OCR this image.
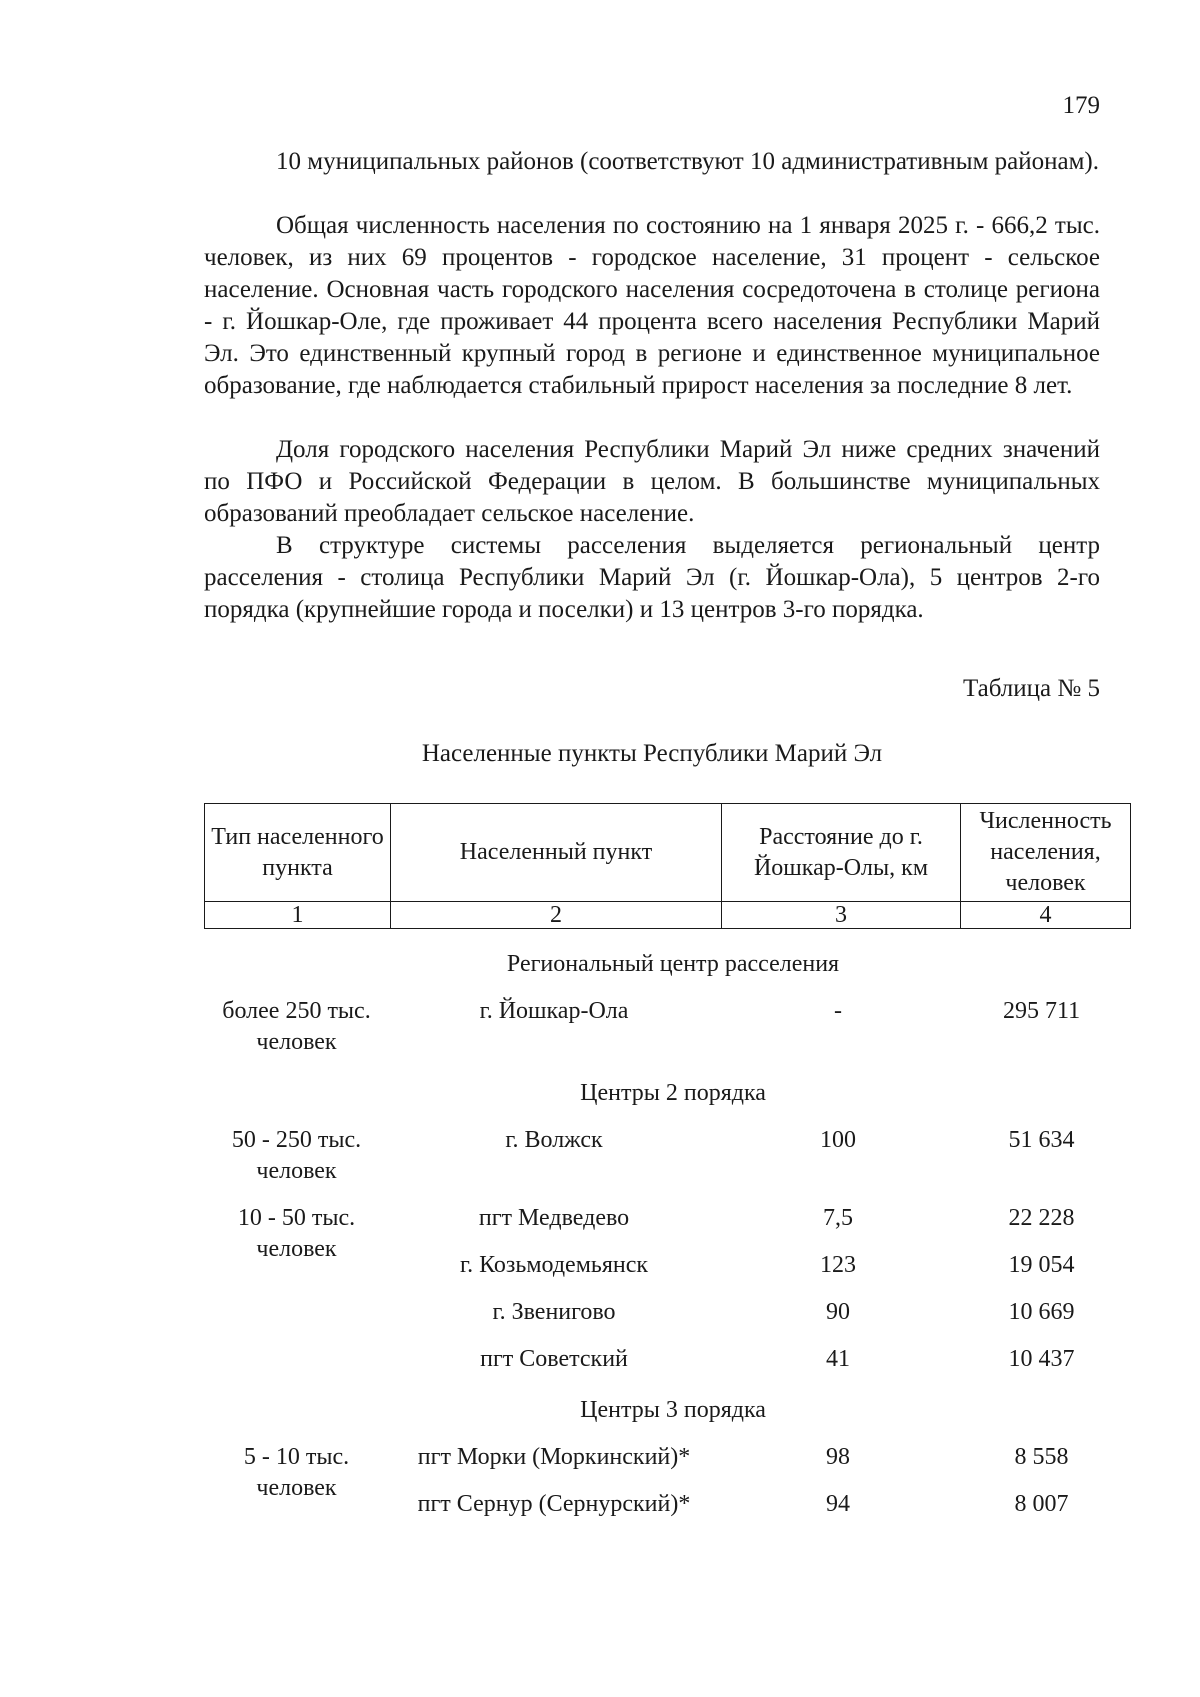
179

10 муниципальных районов (соответствуют 10 административным районам).

Общая численность населения по состоянию на 1 января 2025 г. - 666,2 тыс. человек, из них 69 процентов - городское население, 31 процент - сельское население. Основная часть городского населения сосредоточена в столице региона - г. Йошкар-Оле, где проживает 44 процента всего населения Республики Марий Эл. Это единственный крупный город в регионе и единственное муниципальное образование, где наблюдается стабильный прирост населения за последние 8 лет.

Доля городского населения Республики Марий Эл ниже средних значений по ПФО и Российской Федерации в целом. В большинстве муниципальных образований преобладает сельское население.

В структуре системы расселения выделяется региональный центр расселения - столица Республики Марий Эл (г. Йошкар-Ола), 5 центров 2-го порядка (крупнейшие города и поселки) и 13 центров 3-го порядка.

Таблица № 5
Населенные пункты Республики Марий Эл
Тип населенного пункта	Населенный пункт	Расстояние до г. Йошкар-Олы, км	Численность населения, человек
1	2	3	4
	Региональный центр расселения		
более 250 тыс. человек	г. Йошкар-Ола	-	295 711
	Центры 2 порядка		
50 - 250 тыс. человек	г. Волжск	100	51 634
10 - 50 тыс. человек	пгт Медведево	7,5	22 228
	г. Козьмодемьянск	123	19 054
	г. Звенигово	90	10 669
	пгт Советский	41	10 437
	Центры 3 порядка		
5 - 10 тыс. человек	пгт Морки (Моркинский)*	98	8 558
	пгт Сернур (Сернурский)*	94	8 007
